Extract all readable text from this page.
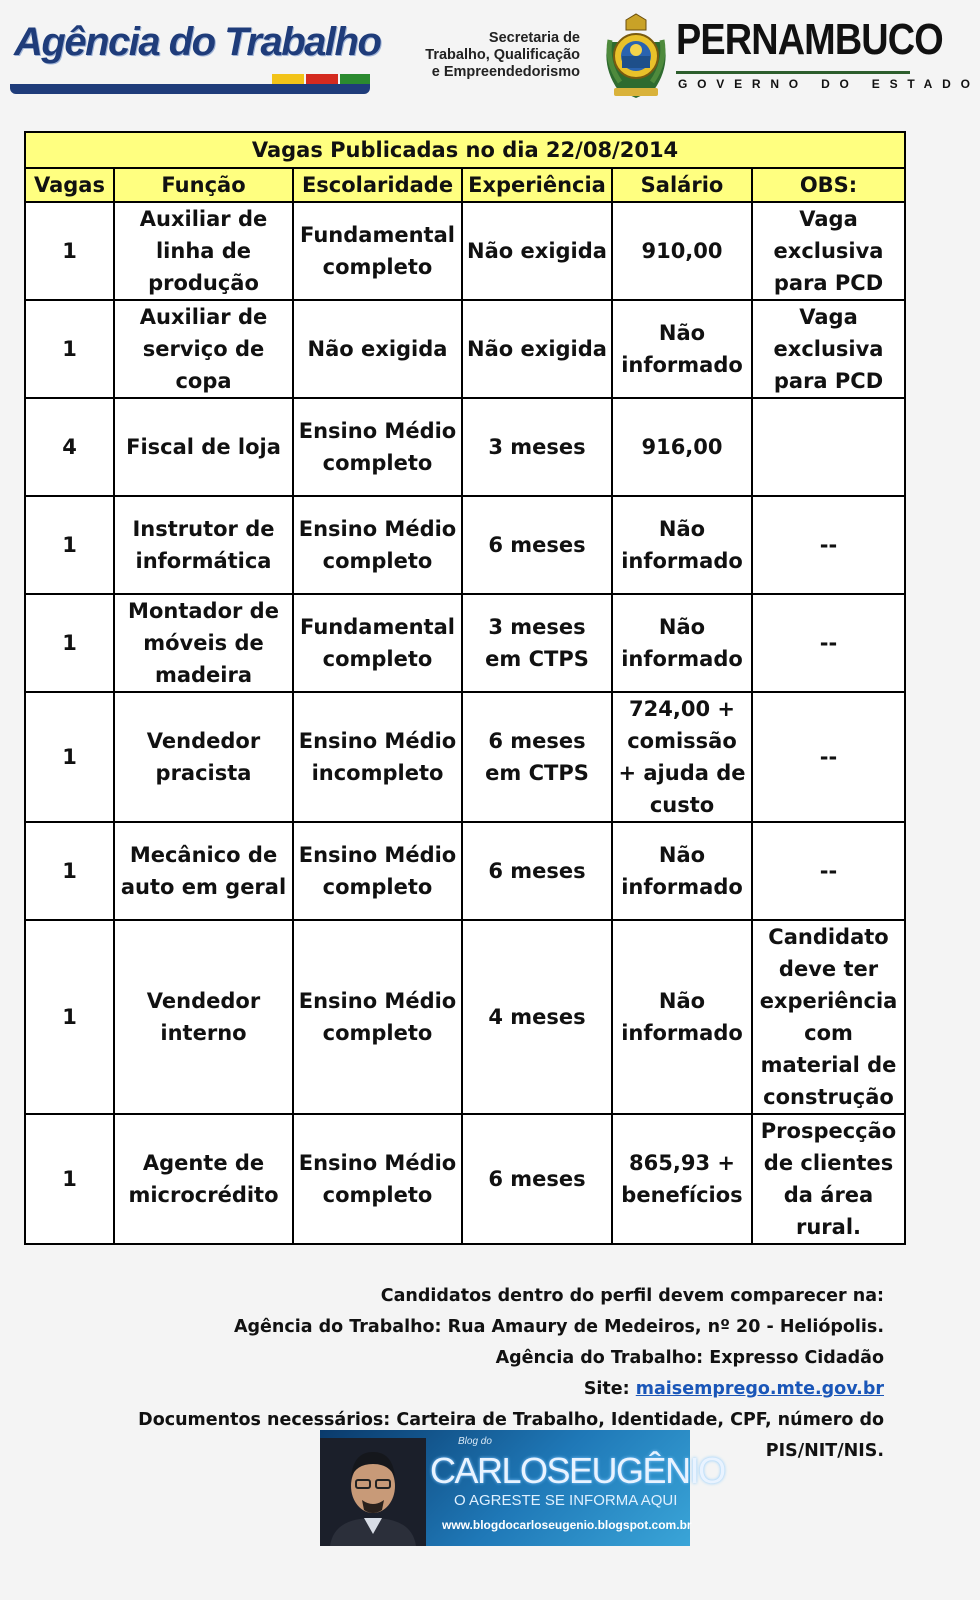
Agência do Trabalho	Secretaria de
Trabalho, Qualificação
e Empreendedorismo
PERNAMBUCO
GOVERNO DO ESTADO
Vagas Publicadas no dia 22/08/2014					
Vagas	Função	Escolaridade	Experiência	Salário	OBS:
1	Auxiliar de linha de produção	Fundamental completo	Não exigida	910,00	Vaga exclusiva para PCD
1	Auxiliar de serviço de copa	Não exigida	Não exigida	Não informado	Vaga exclusiva para PCD
4	Fiscal de loja	Ensino Médio completo	3 meses	916,00	
1	Instrutor de informática	Ensino Médio completo	6 meses	Não informado	--
1	Montador de móveis de madeira	Fundamental completo	3 meses em CTPS	Não informado	--
1	Vendedor pracista	Ensino Médio incompleto	6 meses em CTPS	724,00 + comissão + ajuda de custo	--
1	Mecânico de auto em geral	Ensino Médio completo	6 meses	Não informado	--
1	Vendedor interno	Ensino Médio completo	4 meses	Não informado	Candidato deve ter experiência com material de construção
1	Agente de microcrédito	Ensino Médio completo	6 meses	865,93 + benefícios	Prospecção de clientes da área rural.
Candidatos dentro do perfil devem comparecer na:
Agência do Trabalho: Rua Amaury de Medeiros, nº 20 - Heliópolis.
Agência do Trabalho: Expresso Cidadão
Site: maisemprego.mte.gov.br
Documentos necessários: Carteira de Trabalho, Identidade, CPF, número do PIS/NIT/NIS.
Blog do
CARLOSEUGÊNIO
O AGRESTE SE INFORMA AQUI
www.blogdocarloseugenio.blogspot.com.br
